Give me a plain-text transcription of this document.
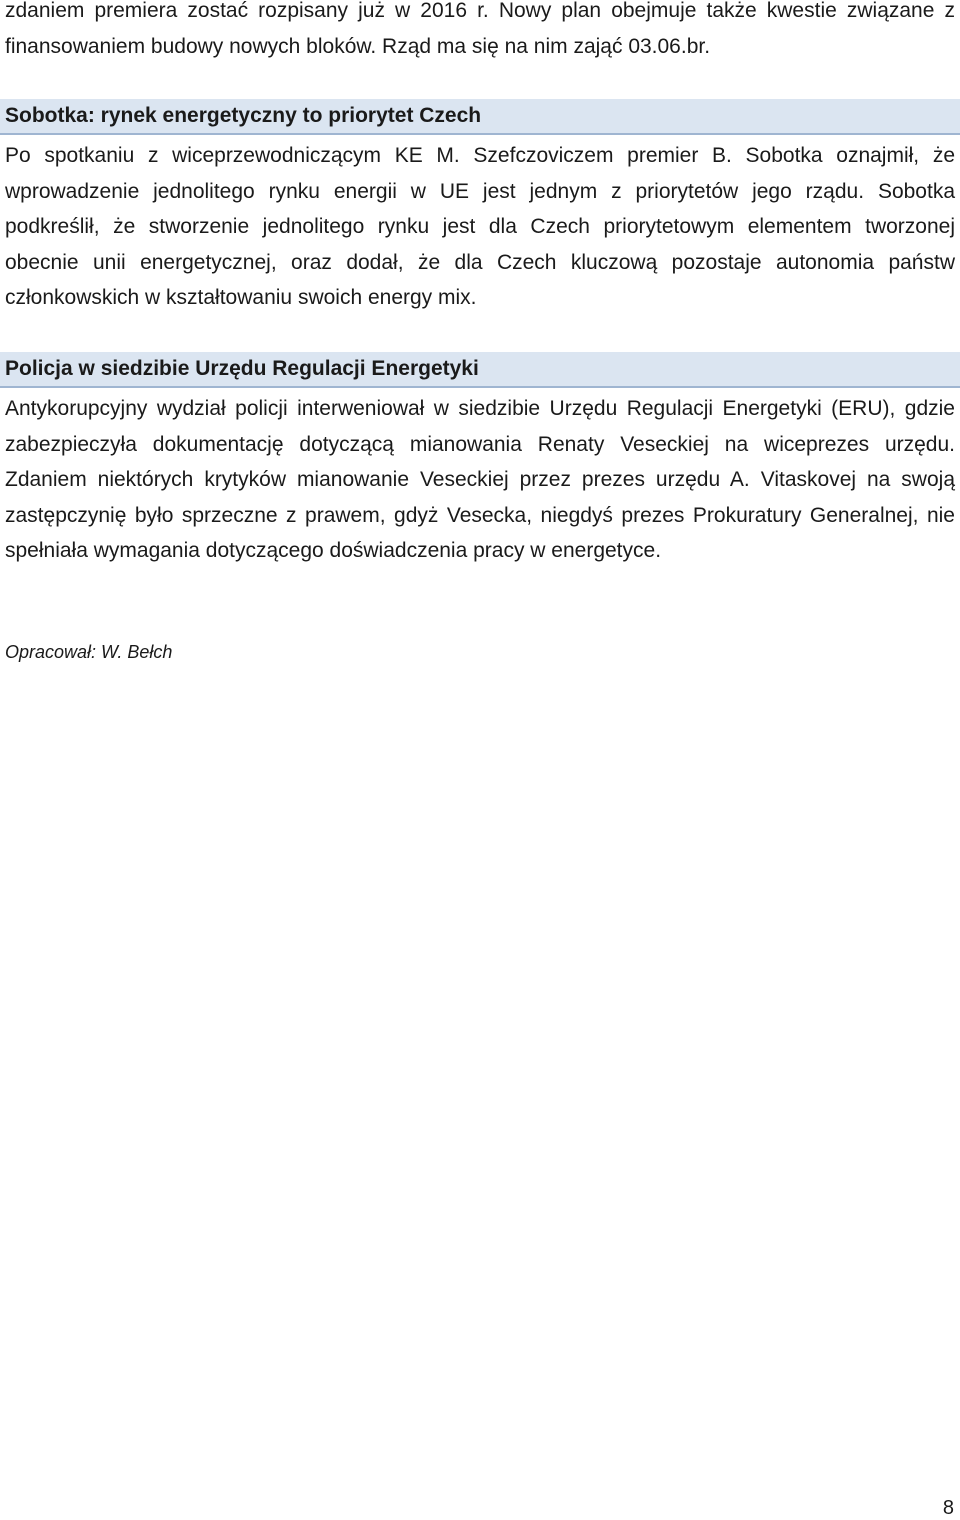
zdaniem premiera zostać rozpisany już w 2016 r. Nowy plan obejmuje także kwestie związane z finansowaniem budowy nowych bloków. Rząd ma się na nim zająć 03.06.br.

Sobotka: rynek energetyczny to priorytet Czech

Po spotkaniu z wiceprzewodniczącym KE M. Szefczoviczem premier B. Sobotka oznajmił, że wprowadzenie jednolitego rynku energii w UE jest jednym z priorytetów jego rządu. Sobotka podkreślił, że stworzenie jednolitego rynku jest dla Czech priorytetowym elementem tworzonej obecnie unii energetycznej, oraz dodał, że dla Czech kluczową pozostaje autonomia państw członkowskich w kształtowaniu swoich energy mix.

Policja w siedzibie Urzędu Regulacji Energetyki

Antykorupcyjny wydział policji interweniował w siedzibie Urzędu Regulacji Energetyki (ERU), gdzie zabezpieczyła dokumentację dotyczącą mianowania Renaty Veseckiej na wiceprezes urzędu. Zdaniem niektórych krytyków mianowanie Veseckiej przez prezes urzędu A. Vitaskovej na swoją zastępczynię było sprzeczne z prawem, gdyż Vesecka, niegdyś prezes Prokuratury Generalnej, nie spełniała wymagania dotyczącego doświadczenia pracy w energetyce.

Opracował: W. Bełch
8
